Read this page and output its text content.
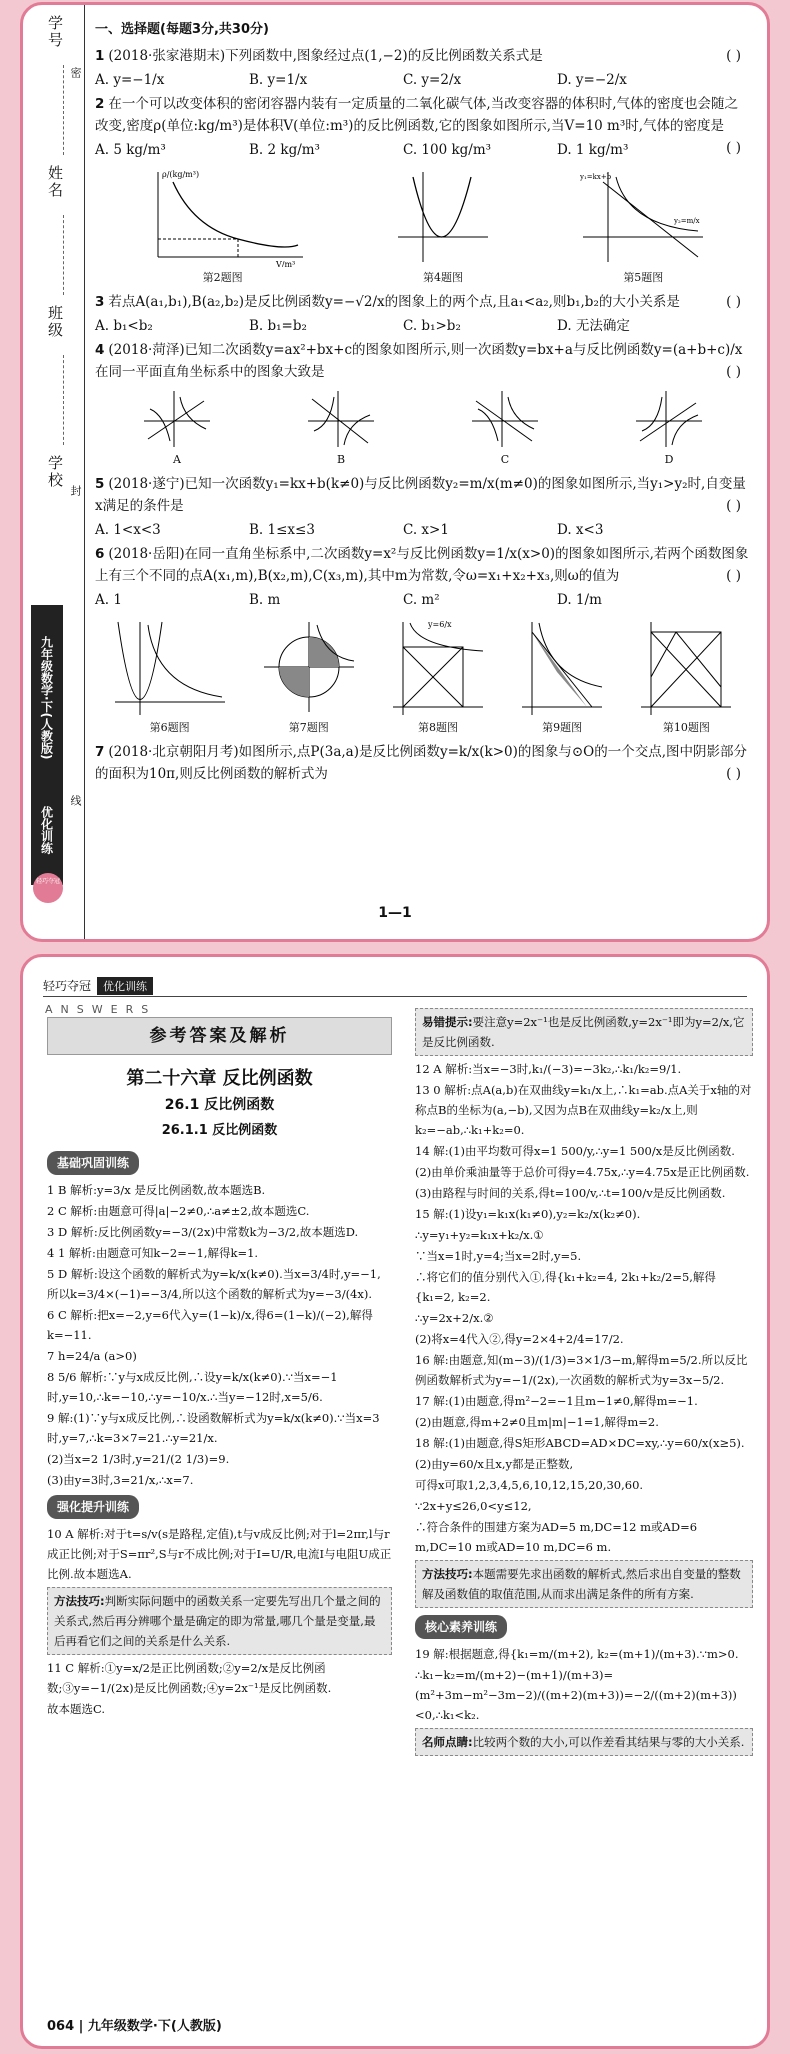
学号
姓名
班级
学校
密
封
线
九年级数学·下(人教版)
优化训练
轻巧夺冠
一、选择题(每题3分,共30分)
1 (2018·张家港期末)下列函数中,图象经过点(1,−2)的反比例函数关系式是	( )
A. y=−1/x	B. y=1/x	C. y=2/x	D. y=−2/x
2 在一个可以改变体积的密闭容器内装有一定质量的二氧化碳气体,当改变容器的体积时,气体的密度也会随之改变,密度ρ(单位:kg/m³)是体积V(单位:m³)的反比例函数,它的图象如图所示,当V=10 m³时,气体的密度是
( )
A. 5 kg/m³	B. 2 kg/m³	C. 100 kg/m³	D. 1 kg/m³
ρ/(kg/m³)
V/m³
第2题图	第4题图
y₁=kx+b
y₂=m/x
第5题图
3 若点A(a₁,b₁),B(a₂,b₂)是反比例函数y=−√2/x的图象上的两个点,且a₁<a₂,则b₁,b₂的大小关系是	( )
A. b₁<b₂	B. b₁=b₂	C. b₁>b₂	D. 无法确定
4 (2018·菏泽)已知二次函数y=ax²+bx+c的图象如图所示,则一次函数y=bx+a与反比例函数y=(a+b+c)/x在同一平面直角坐标系中的图象大致是	( )
A	B	C	D
5 (2018·遂宁)已知一次函数y₁=kx+b(k≠0)与反比例函数y₂=m/x(m≠0)的图象如图所示,当y₁>y₂时,自变量x满足的条件是	( )
A. 1<x<3	B. 1≤x≤3	C. x>1	D. x<3
6 (2018·岳阳)在同一直角坐标系中,二次函数y=x²与反比例函数y=1/x(x>0)的图象如图所示,若两个函数图象上有三个不同的点A(x₁,m),B(x₂,m),C(x₃,m),其中m为常数,令ω=x₁+x₂+x₃,则ω的值为	( )
A. 1	B. m	C. m²	D. 1/m
第6题图	第7题图
y=6/x
第8题图	第9题图	第10题图
7 (2018·北京朝阳月考)如图所示,点P(3a,a)是反比例函数y=k/x(k>0)的图象与⊙O的一个交点,图中阴影部分的面积为10π,则反比例函数的解析式为	( )
1—1
轻巧夺冠	优化训练
ANSWERS
参考答案及解析
第二十六章 反比例函数
26.1 反比例函数
26.1.1 反比例函数
基础巩固训练
1 B 解析:y=3/x 是反比例函数,故本题选B.
2 C 解析:由题意可得|a|−2≠0,∴a≠±2,故本题选C.
3 D 解析:反比例函数y=−3/(2x)中常数k为−3/2,故本题选D.
4 1 解析:由题意可知k−2=−1,解得k=1.
5 D 解析:设这个函数的解析式为y=k/x(k≠0).当x=3/4时,y=−1,所以k=3/4×(−1)=−3/4,所以这个函数的解析式为y=−3/(4x).
6 C 解析:把x=−2,y=6代入y=(1−k)/x,得6=(1−k)/(−2),解得k=−11.
7 h=24/a (a>0)
8 5/6 解析:∵y与x成反比例,∴设y=k/x(k≠0).∵当x=−1时,y=10,∴k=−10,∴y=−10/x.∴当y=−12时,x=5/6.
9 解:(1)∵y与x成反比例,∴设函数解析式为y=k/x(k≠0).∵当x=3时,y=7,∴k=3×7=21.∴y=21/x.
(2)当x=2 1/3时,y=21/(2 1/3)=9.
(3)由y=3时,3=21/x,∴x=7.
强化提升训练
10 A 解析:对于t=s/v(s是路程,定值),t与v成反比例;对于l=2πr,l与r成正比例;对于S=πr²,S与r不成比例;对于I=U/R,电流I与电阻U成正比例.故本题选A.
方法技巧:判断实际问题中的函数关系一定要先写出几个量之间的关系式,然后再分辨哪个量是确定的即为常量,哪几个量是变量,最后再看它们之间的关系是什么关系.
11 C 解析:①y=x/2是正比例函数;②y=2/x是反比例函数;③y=−1/(2x)是反比例函数;④y=2x⁻¹是反比例函数.
故本题选C.
易错提示:要注意y=2x⁻¹也是反比例函数,y=2x⁻¹即为y=2/x,它是反比例函数.
12 A 解析:当x=−3时,k₁/(−3)=−3k₂,∴k₁/k₂=9/1.
13 0 解析:点A(a,b)在双曲线y=k₁/x上,∴k₁=ab.点A关于x轴的对称点B的坐标为(a,−b),又因为点B在双曲线y=k₂/x上,则k₂=−ab,∴k₁+k₂=0.
14 解:(1)由平均数可得x=1 500/y,∴y=1 500/x是反比例函数.
(2)由单价乘油量等于总价可得y=4.75x,∴y=4.75x是正比例函数.
(3)由路程与时间的关系,得t=100/v,∴t=100/v是反比例函数.
15 解:(1)设y₁=k₁x(k₁≠0),y₂=k₂/x(k₂≠0).
∴y=y₁+y₂=k₁x+k₂/x.①
∵当x=1时,y=4;当x=2时,y=5.
∴将它们的值分别代入①,得{k₁+k₂=4, 2k₁+k₂/2=5,解得{k₁=2, k₂=2.
∴y=2x+2/x.②
(2)将x=4代入②,得y=2×4+2/4=17/2.
16 解:由题意,知(m−3)/(1/3)=3×1/3−m,解得m=5/2.所以反比例函数解析式为y=−1/(2x),一次函数的解析式为y=3x−5/2.
17 解:(1)由题意,得m²−2=−1且m−1≠0,解得m=−1.
(2)由题意,得m+2≠0且m|m|−1=1,解得m=2.
18 解:(1)由题意,得S矩形ABCD=AD×DC=xy,∴y=60/x(x≥5).
(2)由y=60/x且x,y都是正整数,
可得x可取1,2,3,4,5,6,10,12,15,20,30,60.
∵2x+y≤26,0<y≤12,
∴符合条件的围建方案为AD=5 m,DC=12 m或AD=6 m,DC=10 m或AD=10 m,DC=6 m.
方法技巧:本题需要先求出函数的解析式,然后求出自变量的整数解及函数值的取值范围,从而求出满足条件的所有方案.
核心素养训练
19 解:根据题意,得{k₁=m/(m+2), k₂=(m+1)/(m+3).∵m>0.
∴k₁−k₂=m/(m+2)−(m+1)/(m+3)=(m²+3m−m²−3m−2)/((m+2)(m+3))=−2/((m+2)(m+3))<0,∴k₁<k₂.
名师点睛:比较两个数的大小,可以作差看其结果与零的大小关系.
064 | 九年级数学·下(人教版)
